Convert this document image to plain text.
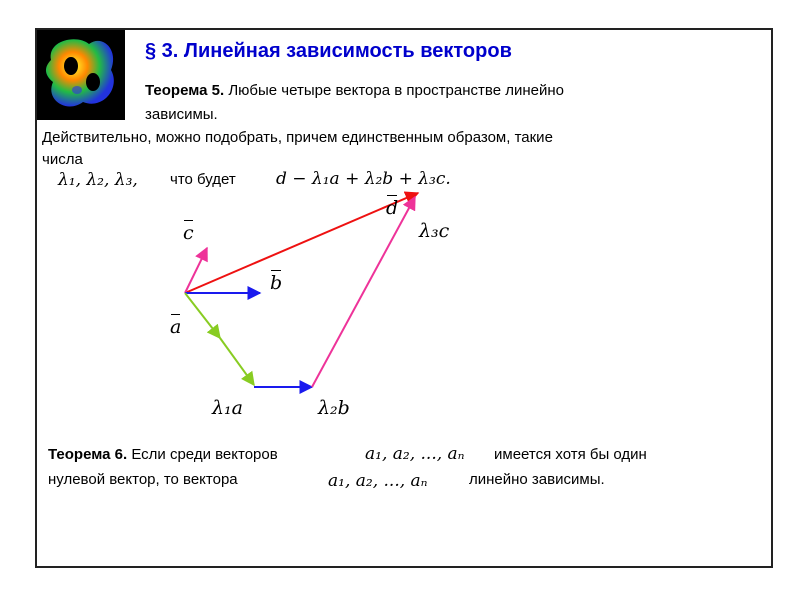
§ 3. Линейная зависимость векторов
Теорема 5. Любые четыре вектора в пространстве линейно
зависимы.
Действительно, можно подобрать, причем единственным образом, такие
числа
λ₁, λ₂, λ₃, что будет d − λ₁a + λ₂b + λ₃c.
c
b
a
d
λ₃c
λ₁a	λ₂b
Теорема 6. Если среди векторов	a₁, a₂, ..., aₙ имеется хотя бы один
нулевой вектор, то вектора	a₁, a₂, ..., aₙ	линейно зависимы.
